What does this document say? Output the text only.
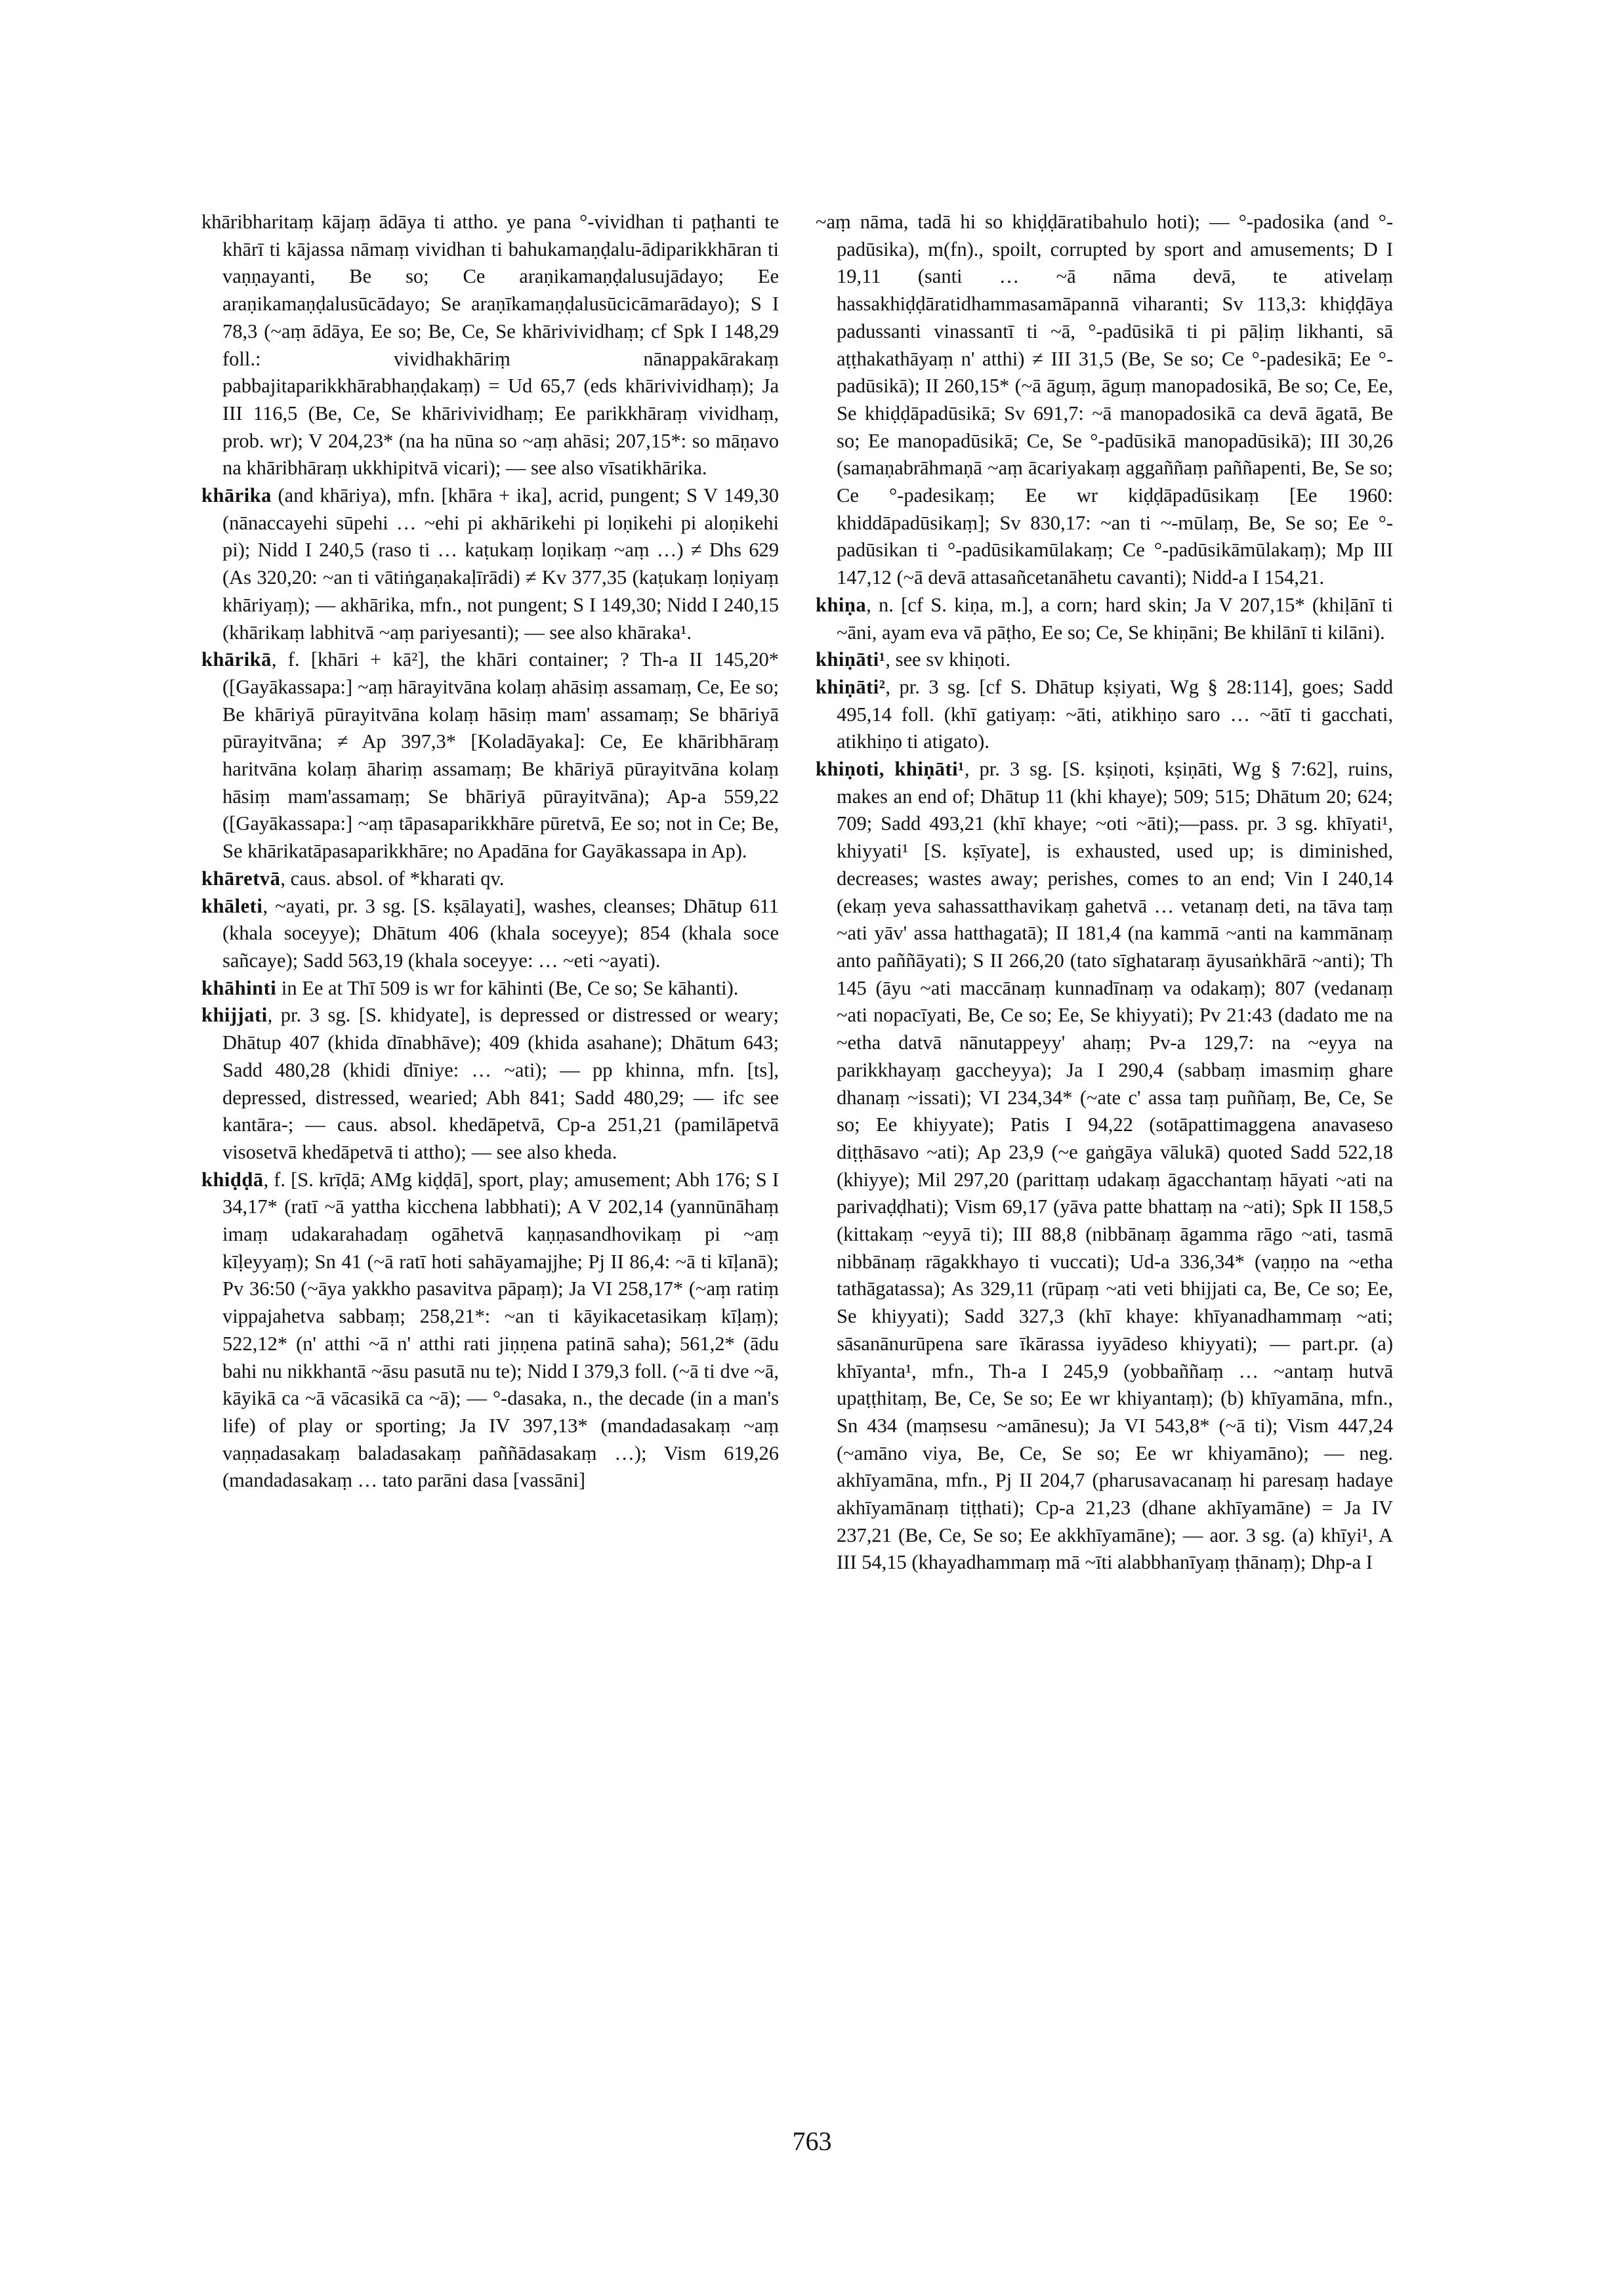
khāribharitaṃ kājaṃ ādāya ti attho. ye pana °-vividhan ti paṭhanti te khārī ti kājassa nāmaṃ vividhan ti bahukamaṇḍalu-ādiparikkhāran ti vaṇṇayanti, Be so; Ce araṇikamaṇḍalusujādayo; Ee araṇikamaṇḍalusūcādayo; Se araṇīkamaṇḍalusūcicāmarādayo); S I 78,3 (~aṃ ādāya, Ee so; Be, Ce, Se khārivividhaṃ; cf Spk I 148,29 foll.: vividhakhāriṃ nānappakārakaṃ pabbajitaparikkhārabhaṇḍakaṃ) = Ud 65,7 (eds khārivividhaṃ); Ja III 116,5 (Be, Ce, Se khārivividhaṃ; Ee parikkhāraṃ vividhaṃ, prob. wr); V 204,23* (na ha nūna so ~aṃ ahāsi; 207,15*: so māṇavo na khāribhāraṃ ukkhipitvā vicari); — see also vīsatikhārika.

khārika (and khāriya), mfn. [khāra + ika], acrid, pungent; S V 149,30 (nānaccayehi sūpehi … ~ehi pi akhārikehi pi loṇikehi pi aloṇikehi pi); Nidd I 240,5 (raso ti … kaṭukaṃ loṇikaṃ ~aṃ …) ≠ Dhs 629 (As 320,20: ~an ti vātiṅgaṇakaḷīrādi) ≠ Kv 377,35 (kaṭukaṃ loṇiyaṃ khāriyaṃ); — akhārika, mfn., not pungent; S I 149,30; Nidd I 240,15 (khārikaṃ labhitvā ~aṃ pariyesanti); — see also khāraka¹.

khārikā, f. [khāri + kā²], the khāri container; ? Th-a II 145,20* ([Gayākassapa:] ~aṃ hārayitvāna kolaṃ ahāsiṃ assamaṃ, Ce, Ee so; Be khāriyā pūrayitvāna kolaṃ hāsiṃ mam' assamaṃ; Se bhāriyā pūrayitvāna; ≠ Ap 397,3* [Koladāyaka]: Ce, Ee khāribhāraṃ haritvāna kolaṃ āhariṃ assamaṃ; Be khāriyā pūrayitvāna kolaṃ hāsiṃ mam'assamaṃ; Se bhāriyā pūrayitvāna); Ap-a 559,22 ([Gayākassapa:] ~aṃ tāpasaparikkhāre pūretvā, Ee so; not in Ce; Be, Se khārikatāpasaparikkhāre; no Apadāna for Gayākassapa in Ap).

khāretvā, caus. absol. of *kharati qv.

khāleti, ~ayati, pr. 3 sg. [S. kṣālayati], washes, cleanses; Dhātup 611 (khala soceyye); Dhātum 406 (khala soceyye); 854 (khala soce sañcaye); Sadd 563,19 (khala soceyye: … ~eti ~ayati).

khāhinti in Ee at Thī 509 is wr for kāhinti (Be, Ce so; Se kāhanti).

khijjati, pr. 3 sg. [S. khidyate], is depressed or distressed or weary; Dhātup 407 (khida dīnabhāve); 409 (khida asahane); Dhātum 643; Sadd 480,28 (khidi dīniye: … ~ati); — pp khinna, mfn. [ts], depressed, distressed, wearied; Abh 841; Sadd 480,29; — ifc see kantāra-; — caus. absol. khedāpetvā, Cp-a 251,21 (pamilāpetvā visosetvā khedāpetvā ti attho); — see also kheda.

khiḍḍā, f. [S. krīḍā; AMg kiḍḍā], sport, play; amusement; Abh 176; S I 34,17* (ratī ~ā yattha kicchena labbhati); A V 202,14 (yannūnāhaṃ imaṃ udakarahadaṃ ogāhetvā kaṇṇasandhovikaṃ pi ~aṃ kīḷeyyaṃ); Sn 41 (~ā ratī hoti sahāyamajjhe; Pj II 86,4: ~ā ti kīḷanā); Pv 36:50 (~āya yakkho pasavitva pāpaṃ); Ja VI 258,17* (~aṃ ratiṃ vippajahetva sabbaṃ; 258,21*: ~an ti kāyikacetasikaṃ kīḷaṃ); 522,12* (n' atthi ~ā n' atthi rati jiṇṇena patinā saha); 561,2* (ādu bahi nu nikkhantā ~āsu pasutā nu te); Nidd I 379,3 foll. (~ā ti dve ~ā, kāyikā ca ~ā vācasikā ca ~ā); — °-dasaka, n., the decade (in a man's life) of play or sporting; Ja IV 397,13* (mandadasakaṃ ~aṃ vaṇṇadasakaṃ baladasakaṃ paññādasakaṃ …); Vism 619,26 (mandadasakaṃ … tato parāni dasa [vassāni]

~aṃ nāma, tadā hi so khiḍḍāratibahulo hoti); — °-padosika (and °-padūsika), m(fn)., spoilt, corrupted by sport and amusements; D I 19,11 (santi … ~ā nāma devā, te ativelaṃ hassakhiḍḍāratidhammasamāpannā viharanti; Sv 113,3: khiḍḍāya padussanti vinassantī ti ~ā, °-padūsikā ti pi pāḷiṃ likhanti, sā aṭṭhakathāyaṃ n' atthi) ≠ III 31,5 (Be, Se so; Ce °-padesikā; Ee °-padūsikā); II 260,15* (~ā āguṃ, āguṃ manopadosikā, Be so; Ce, Ee, Se khiḍḍāpadūsikā; Sv 691,7: ~ā manopadosikā ca devā āgatā, Be so; Ee manopadūsikā; Ce, Se °-padūsikā manopadūsikā); III 30,26 (samaṇabrāhmaṇā ~aṃ ācariyakaṃ aggaññaṃ paññapenti, Be, Se so; Ce °-padesikaṃ; Ee wr kiḍḍāpadūsikaṃ [Ee 1960: khiddāpadūsikaṃ]; Sv 830,17: ~an ti ~-mūlaṃ, Be, Se so; Ee °-padūsikan ti °-padūsikamūlakaṃ; Ce °-padūsikāmūlakaṃ); Mp III 147,12 (~ā devā attasañcetanāhetu cavanti); Nidd-a I 154,21.

khiṇa, n. [cf S. kiṇa, m.], a corn; hard skin; Ja V 207,15* (khiḷānī ti ~āni, ayam eva vā pāṭho, Ee so; Ce, Se khiṇāni; Be khilānī ti kilāni).

khiṇāti¹, see sv khiṇoti.

khiṇāti², pr. 3 sg. [cf S. Dhātup kṣiyati, Wg § 28:114], goes; Sadd 495,14 foll. (khī gatiyaṃ: ~āti, atikhiṇo saro … ~ātī ti gacchati, atikhiṇo ti atigato).

khiṇoti, khiṇāti¹, pr. 3 sg. [S. kṣiṇoti, kṣiṇāti, Wg § 7:62], ruins, makes an end of; Dhātup 11 (khi khaye); 509; 515; Dhātum 20; 624; 709; Sadd 493,21 (khī khaye; ~oti ~āti);—pass. pr. 3 sg. khīyati¹, khiyyati¹ [S. kṣīyate], is exhausted, used up; is diminished, decreases; wastes away; perishes, comes to an end; Vin I 240,14 (ekaṃ yeva sahassatthavikaṃ gahetvā … vetanaṃ deti, na tāva taṃ ~ati yāv' assa hatthagatā); II 181,4 (na kammā ~anti na kammānaṃ anto paññāyati); S II 266,20 (tato sīghataraṃ āyusaṅkhārā ~anti); Th 145 (āyu ~ati maccānaṃ kunnadīnaṃ va odakaṃ); 807 (vedanaṃ ~ati nopacīyati, Be, Ce so; Ee, Se khiyyati); Pv 21:43 (dadato me na ~etha datvā nānutappeyy' ahaṃ; Pv-a 129,7: na ~eyya na parikkhayaṃ gaccheyya); Ja I 290,4 (sabbaṃ imasmiṃ ghare dhanaṃ ~issati); VI 234,34* (~ate c' assa taṃ puññaṃ, Be, Ce, Se so; Ee khiyyate); Patis I 94,22 (sotāpattimaggena anavaseso diṭṭhāsavo ~ati); Ap 23,9 (~e gaṅgāya vālukā) quoted Sadd 522,18 (khiyye); Mil 297,20 (parittaṃ udakaṃ āgacchantaṃ hāyati ~ati na parivaḍḍhati); Vism 69,17 (yāva patte bhattaṃ na ~ati); Spk II 158,5 (kittakaṃ ~eyyā ti); III 88,8 (nibbānaṃ āgamma rāgo ~ati, tasmā nibbānaṃ rāgakkhayo ti vuccati); Ud-a 336,34* (vaṇṇo na ~etha tathāgatassa); As 329,11 (rūpaṃ ~ati veti bhijjati ca, Be, Ce so; Ee, Se khiyyati); Sadd 327,3 (khī khaye: khīyanadhammaṃ ~ati; sāsanānurūpena sare īkārassa iyyādeso khiyyati); — part.pr. (a) khīyanta¹, mfn., Th-a I 245,9 (yobbaññaṃ … ~antaṃ hutvā upaṭṭhitaṃ, Be, Ce, Se so; Ee wr khiyantaṃ); (b) khīyamāna, mfn., Sn 434 (maṃsesu ~amānesu); Ja VI 543,8* (~ā ti); Vism 447,24 (~amāno viya, Be, Ce, Se so; Ee wr khiyamāno); — neg. akhīyamāna, mfn., Pj II 204,7 (pharusavacanaṃ hi paresaṃ hadaye akhīyamānaṃ tiṭṭhati); Cp-a 21,23 (dhane akhīyamāne) = Ja IV 237,21 (Be, Ce, Se so; Ee akkhīyamāne); — aor. 3 sg. (a) khīyi¹, A III 54,15 (khayadhammaṃ mā ~īti alabbhanīyaṃ ṭhānaṃ); Dhp-a I

763
